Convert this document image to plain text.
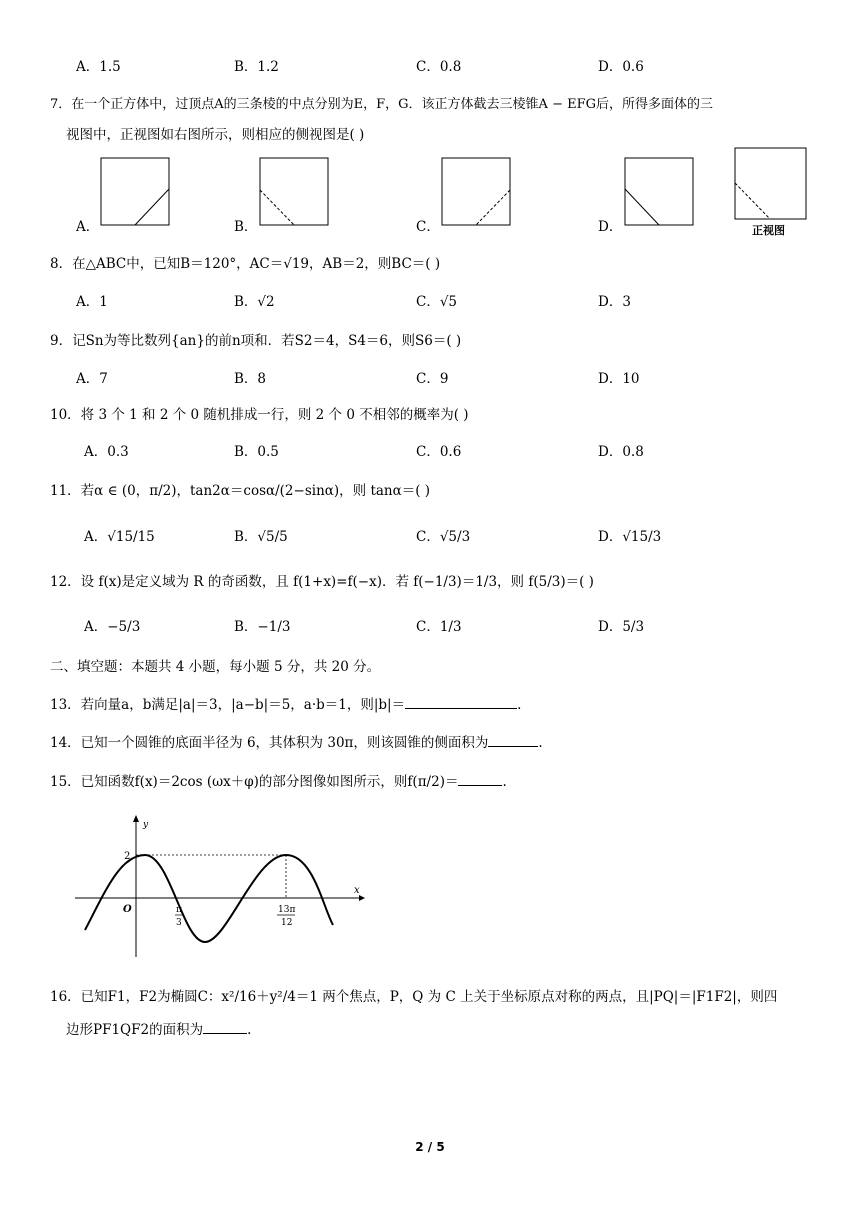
A．1.5	B．1.2	C．0.8	D．0.6
7．在一个正方体中，过顶点A的三条棱的中点分别为E，F，G．该正方体截去三棱锥A − EFG后，所得多面体的三
视图中，正视图如右图所示，则相应的侧视图是( )
A．	B．	C．	D．	正视图
8．在△ABC中，已知B＝120°，AC＝√19，AB＝2，则BC＝( )
A．1	B．√2	C．√5	D．3
9．记Sn为等比数列{an}的前n项和．若S2＝4，S4＝6，则S6＝( )
A．7	B．8	C．9	D．10
10．将 3 个 1 和 2 个 0 随机排成一行，则 2 个 0 不相邻的概率为( )
A．0.3	B．0.5	C．0.6	D．0.8
11．若α ∈ (0，π/2)，tan2α＝cosα/(2−sinα)，则 tanα＝( )
A．√15/15	B．√5/5	C．√5/3	D．√15/3
12．设 f(x)是定义域为 R 的奇函数，且 f(1+x)=f(−x)．若 f(−1/3)＝1/3，则 f(5/3)＝( )
A．−5/3	B．−1/3	C．1/3	D．5/3
二、填空题：本题共 4 小题，每小题 5 分，共 20 分。
13．若向量a，b满足|a|＝3，|a−b|＝5，a·b＝1，则|b|＝	.
14．已知一个圆锥的底面半径为 6，其体积为 30π，则该圆锥的侧面积为	.
15．已知函数f(x)＝2cos (ωx＋φ)的部分图像如图所示，则f(π/2)＝	.
y
x
O
2
π
3
13π
12
16．已知F1，F2为椭圆C：x²/16＋y²/4＝1 两个焦点，P，Q 为 C 上关于坐标原点对称的两点，且|PQ|＝|F1F2|，则四
边形PF1QF2的面积为	.
2 / 5
